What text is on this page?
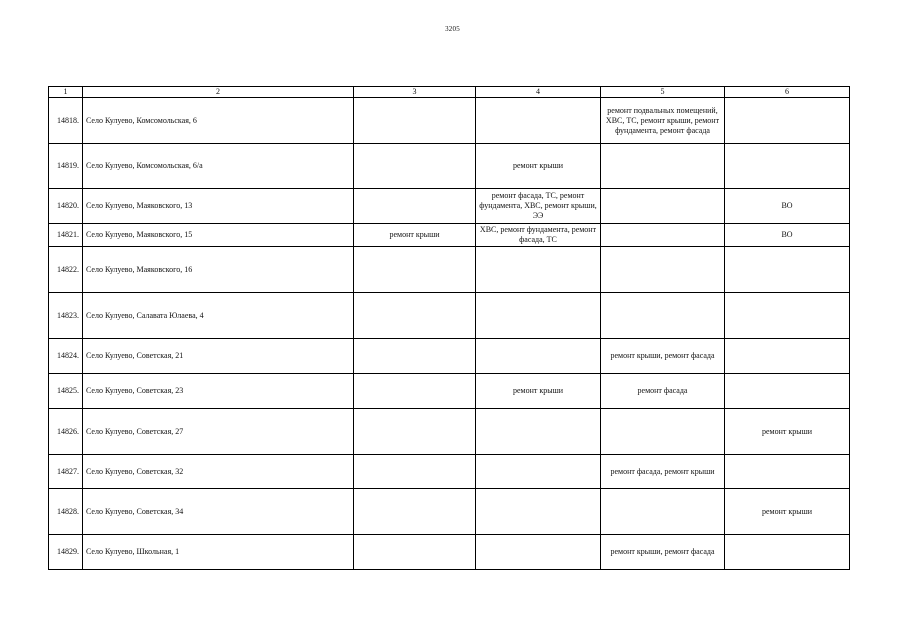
3205
1	2	3	4	5	6
14818.	Село Кулуево, Комсомольская, 6			ремонт подвальных помещений, ХВС, ТС, ремонт крыши, ремонт фундамента, ремонт фасада	
14819.	Село Кулуево, Комсомольская, 6/a		ремонт крыши		
14820.	Село Кулуево, Маяковского, 13		ремонт фасада, ТС, ремонт фундамента, ХВС, ремонт крыши, ЭЭ		ВО
14821.	Село Кулуево, Маяковского, 15	ремонт крыши	ХВС, ремонт фундамента, ремонт фасада, ТС		ВО
14822.	Село Кулуево, Маяковского, 16				
14823.	Село Кулуево, Салавата Юлаева, 4				
14824.	Село Кулуево, Советская, 21			ремонт крыши, ремонт фасада	
14825.	Село Кулуево, Советская, 23		ремонт крыши	ремонт фасада	
14826.	Село Кулуево, Советская, 27				ремонт крыши
14827.	Село Кулуево, Советская, 32			ремонт фасада, ремонт крыши	
14828.	Село Кулуево, Советская, 34				ремонт крыши
14829.	Село Кулуево, Школьная, 1			ремонт крыши, ремонт фасада	
